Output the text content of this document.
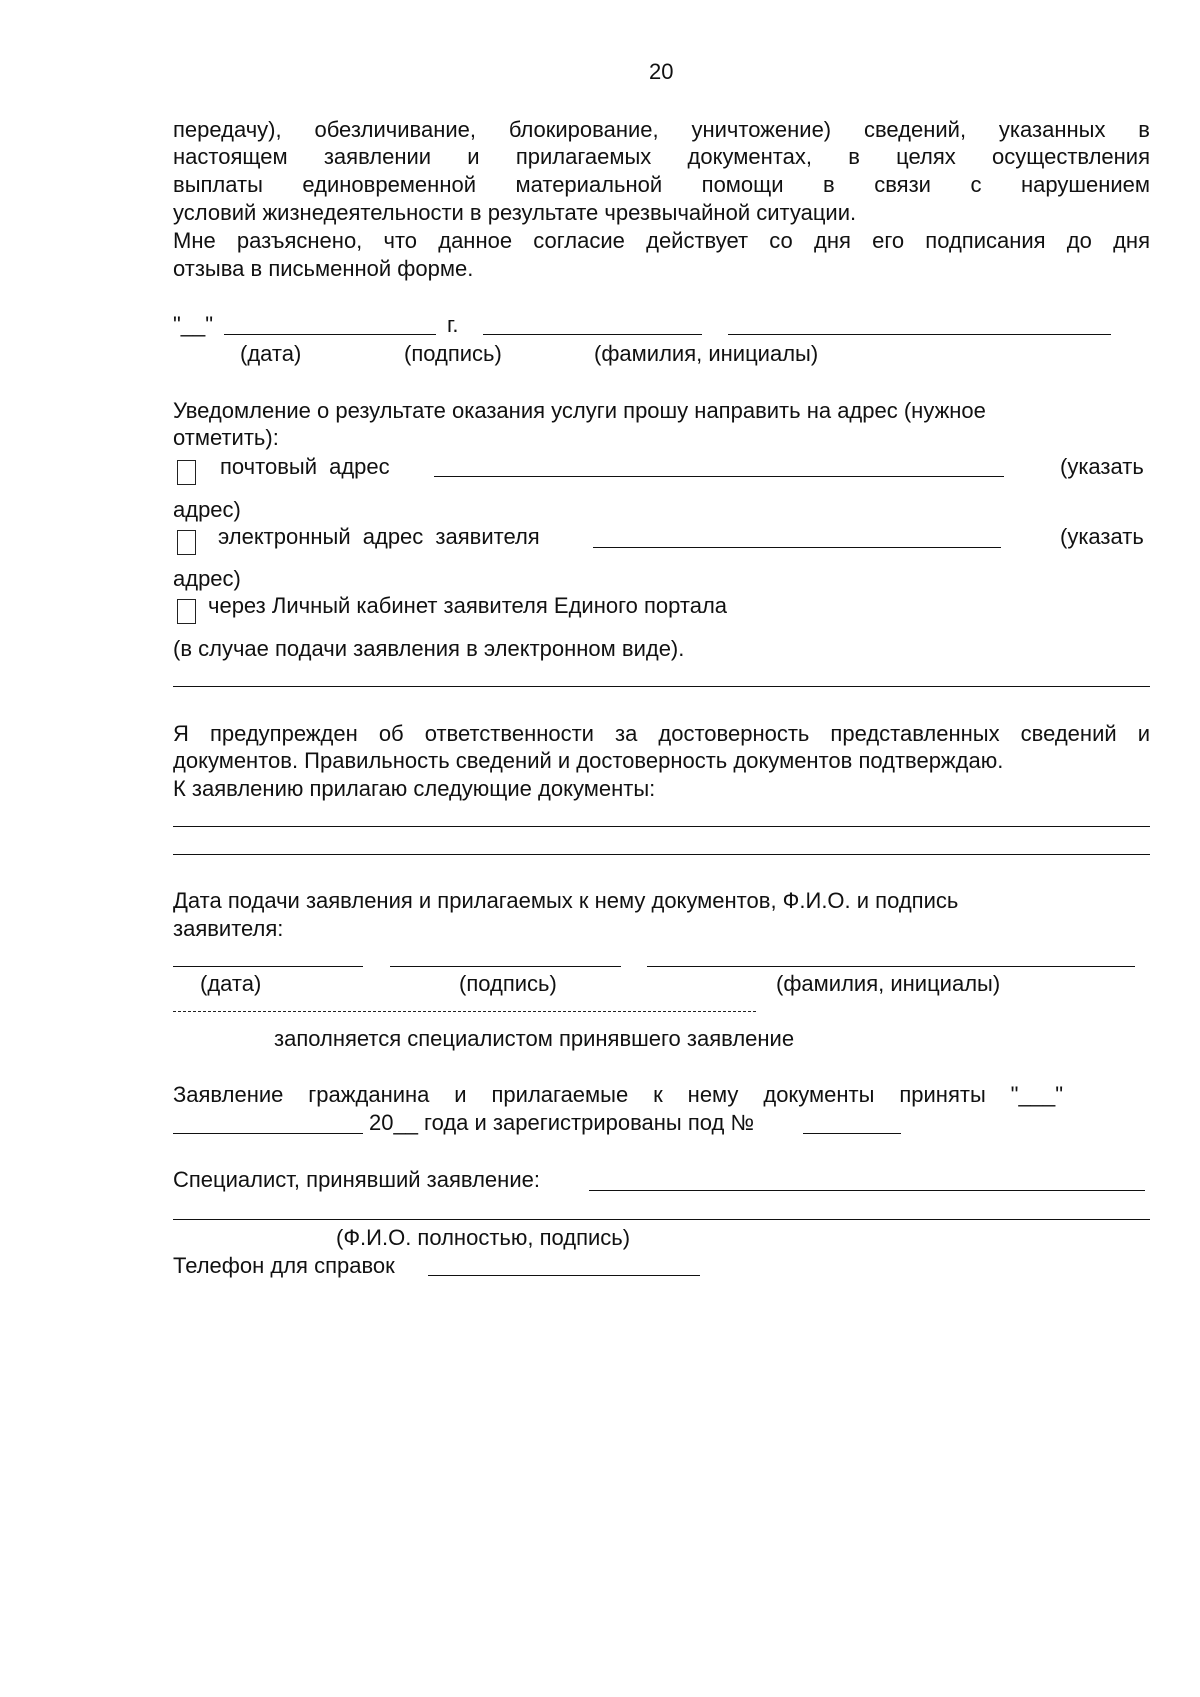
20
передачу), обезличивание, блокирование, уничтожение) сведений, указанных в
настоящем заявлении и прилагаемых документах, в целях осуществления
выплаты единовременной материальной помощи в связи с нарушением
условий жизнедеятельности в результате чрезвычайной ситуации.
Мне разъяснено, что данное согласие действует со дня его подписания до дня
отзыва в письменной форме.
"__"	г.
(дата)	(подпись)	(фамилия, инициалы)
Уведомление о результате оказания услуги прошу направить на адрес (нужное
отметить):
почтовый адрес	(указать
адрес)
электронный адрес заявителя	(указать
адрес)
через Личный кабинет заявителя Единого портала
(в случае подачи заявления в электронном виде).
Я предупрежден об ответственности за достоверность представленных сведений и
документов. Правильность сведений и достоверность документов подтверждаю.
К заявлению прилагаю следующие документы:
Дата подачи заявления и прилагаемых к нему документов, Ф.И.О. и подпись
заявителя:
(дата)	(подпись)	(фамилия, инициалы)
заполняется специалистом принявшего заявление
Заявление гражданина и прилагаемые к нему документы приняты "___"
20__ года и зарегистрированы под №
Специалист, принявший заявление:
(Ф.И.О. полностью, подпись)
Телефон для справок
